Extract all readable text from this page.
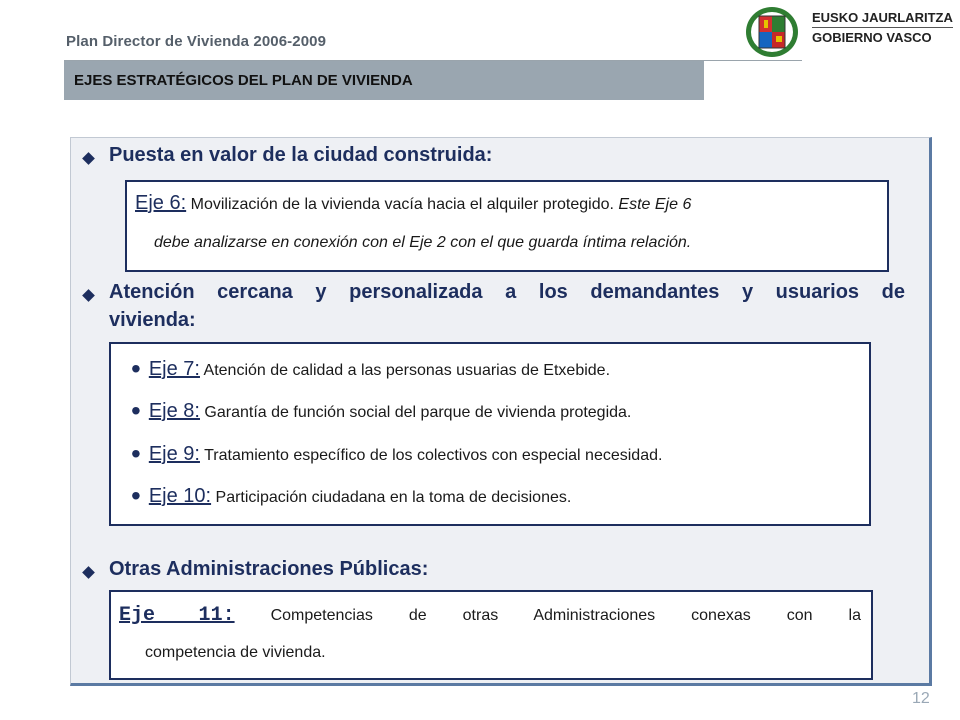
Plan Director de Vivienda 2006-2009
EJES ESTRATÉGICOS DEL PLAN DE VIVIENDA
EUSKO JAURLARITZA
GOBIERNO VASCO
Puesta en valor de la ciudad construida:
Eje 6: Movilización de la vivienda vacía hacia el alquiler protegido. Este Eje 6
debe analizarse en conexión con el Eje 2 con el que guarda íntima relación.
Atención cercana y personalizada a los demandantes y usuarios de
vivienda:
• Eje 7: Atención de calidad a las personas usuarias de Etxebide.
• Eje 8: Garantía de función social del parque de vivienda protegida.
• Eje 9: Tratamiento específico de los colectivos con especial necesidad.
• Eje 10: Participación ciudadana en la toma de decisiones.
Otras Administraciones Públicas:
Eje 11: Competencias de otras Administraciones conexas con la
competencia de vivienda.
12
